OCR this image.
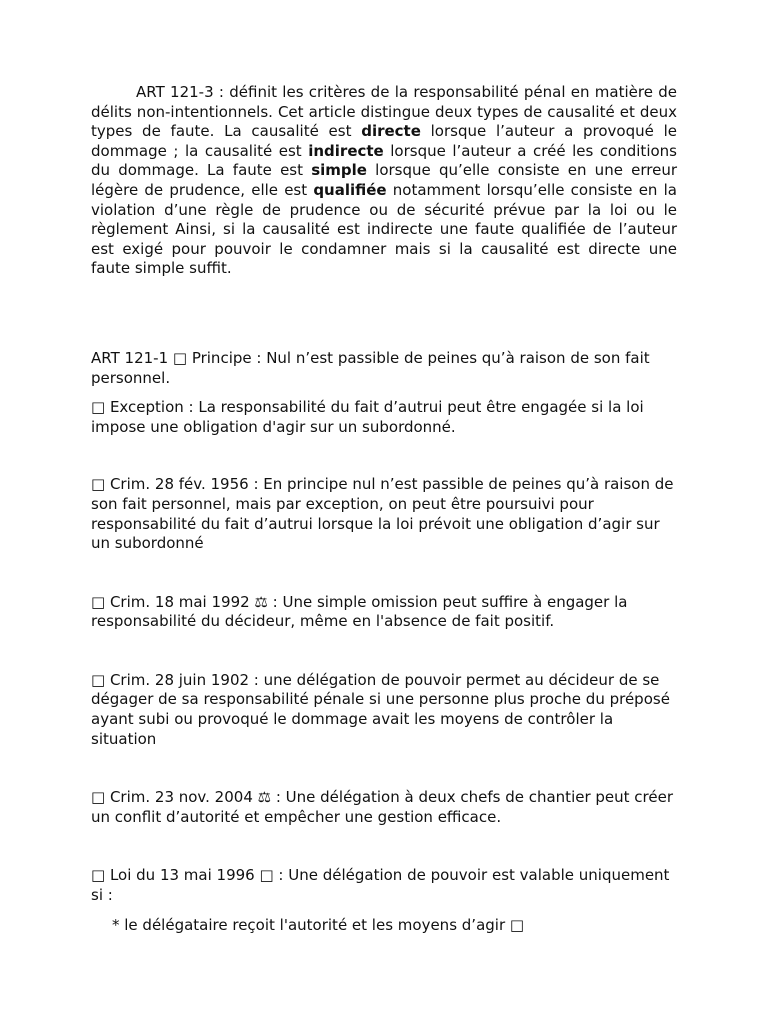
ART 121-3 : définit les critères de la responsabilité pénal en matière de délits non-intentionnels. Cet article distingue deux types de causalité et deux types de faute. La causalité est directe lorsque l’auteur a provoqué le dommage ; la causalité est indirecte lorsque l’auteur a créé les conditions du dommage. La faute est simple lorsque qu’elle consiste en une erreur légère de prudence, elle est qualifiée notamment lorsqu’elle consiste en la violation d’une règle de prudence ou de sécurité prévue par la loi ou le règlement Ainsi, si la causalité est indirecte une faute qualifiée de l’auteur est exigé pour pouvoir le condamner mais si la causalité est directe une faute simple suffit.

ART 121-1 □ Principe : Nul n’est passible de peines qu’à raison de son fait personnel.

□ Exception : La responsabilité du fait d’autrui peut être engagée si la loi impose une obligation d'agir sur un subordonné.

□ Crim. 28 fév. 1956 : En principe nul n’est passible de peines qu’à raison de son fait personnel, mais par exception, on peut être poursuivi pour responsabilité du fait d’autrui lorsque la loi prévoit une obligation d’agir sur un subordonné

□ Crim. 18 mai 1992 ⚖ : Une simple omission peut suffire à engager la responsabilité du décideur, même en l'absence de fait positif.

□ Crim. 28 juin 1902 : une délégation de pouvoir permet au décideur de se dégager de sa responsabilité pénale si une personne plus proche du préposé ayant subi ou provoqué le dommage avait les moyens de contrôler la situation

□ Crim. 23 nov. 2004 ⚖ : Une délégation à deux chefs de chantier peut créer un conflit d’autorité et empêcher une gestion efficace.

□ Loi du 13 mai 1996 □ : Une délégation de pouvoir est valable uniquement si :

* le délégataire reçoit l'autorité et les moyens d’agir □
